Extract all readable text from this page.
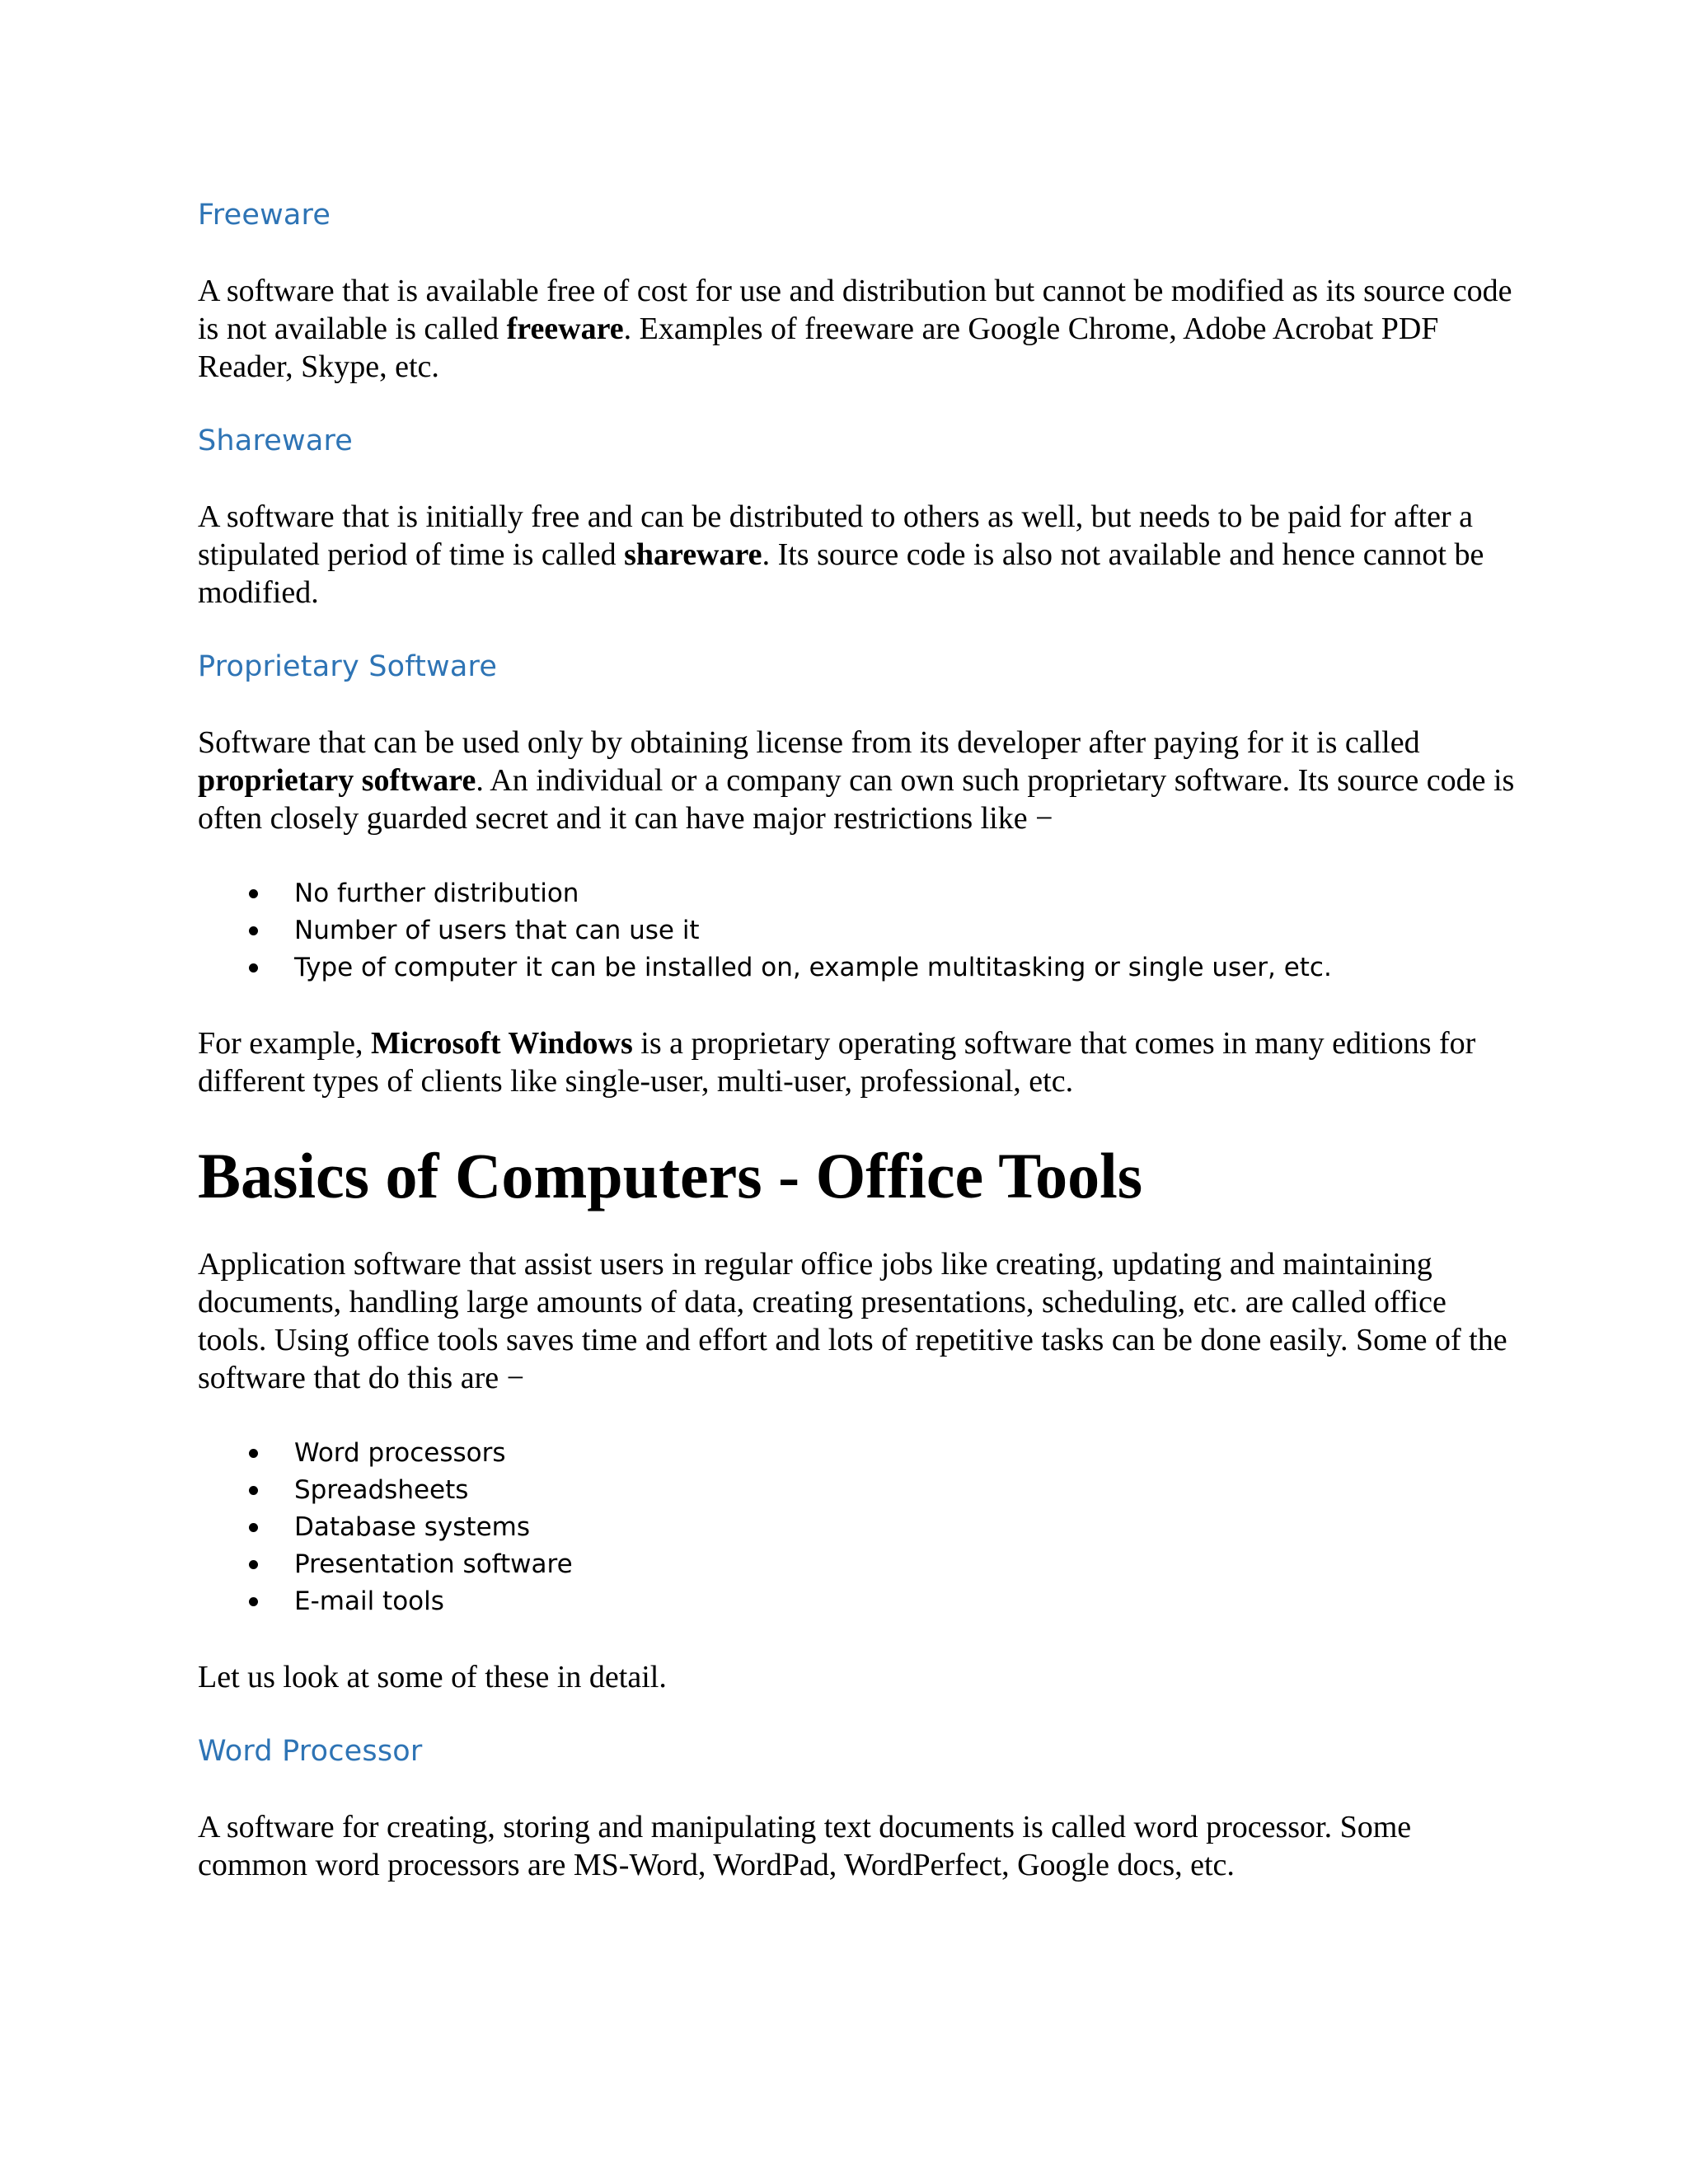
Freeware

A software that is available free of cost for use and distribution but cannot be modified as its source code is not available is called freeware. Examples of freeware are Google Chrome, Adobe Acrobat PDF Reader, Skype, etc.

Shareware

A software that is initially free and can be distributed to others as well, but needs to be paid for after a stipulated period of time is called shareware. Its source code is also not available and hence cannot be modified.

Proprietary Software

Software that can be used only by obtaining license from its developer after paying for it is called proprietary software. An individual or a company can own such proprietary software. Its source code is often closely guarded secret and it can have major restrictions like −

No further distribution
Number of users that can use it
Type of computer it can be installed on, example multitasking or single user, etc.

For example, Microsoft Windows is a proprietary operating software that comes in many editions for different types of clients like single-user, multi-user, professional, etc.

Basics of Computers - Office Tools

Application software that assist users in regular office jobs like creating, updating and maintaining documents, handling large amounts of data, creating presentations, scheduling, etc. are called office tools. Using office tools saves time and effort and lots of repetitive tasks can be done easily. Some of the software that do this are −

Word processors
Spreadsheets
Database systems
Presentation software
E-mail tools

Let us look at some of these in detail.

Word Processor

A software for creating, storing and manipulating text documents is called word processor. Some common word processors are MS-Word, WordPad, WordPerfect, Google docs, etc.
